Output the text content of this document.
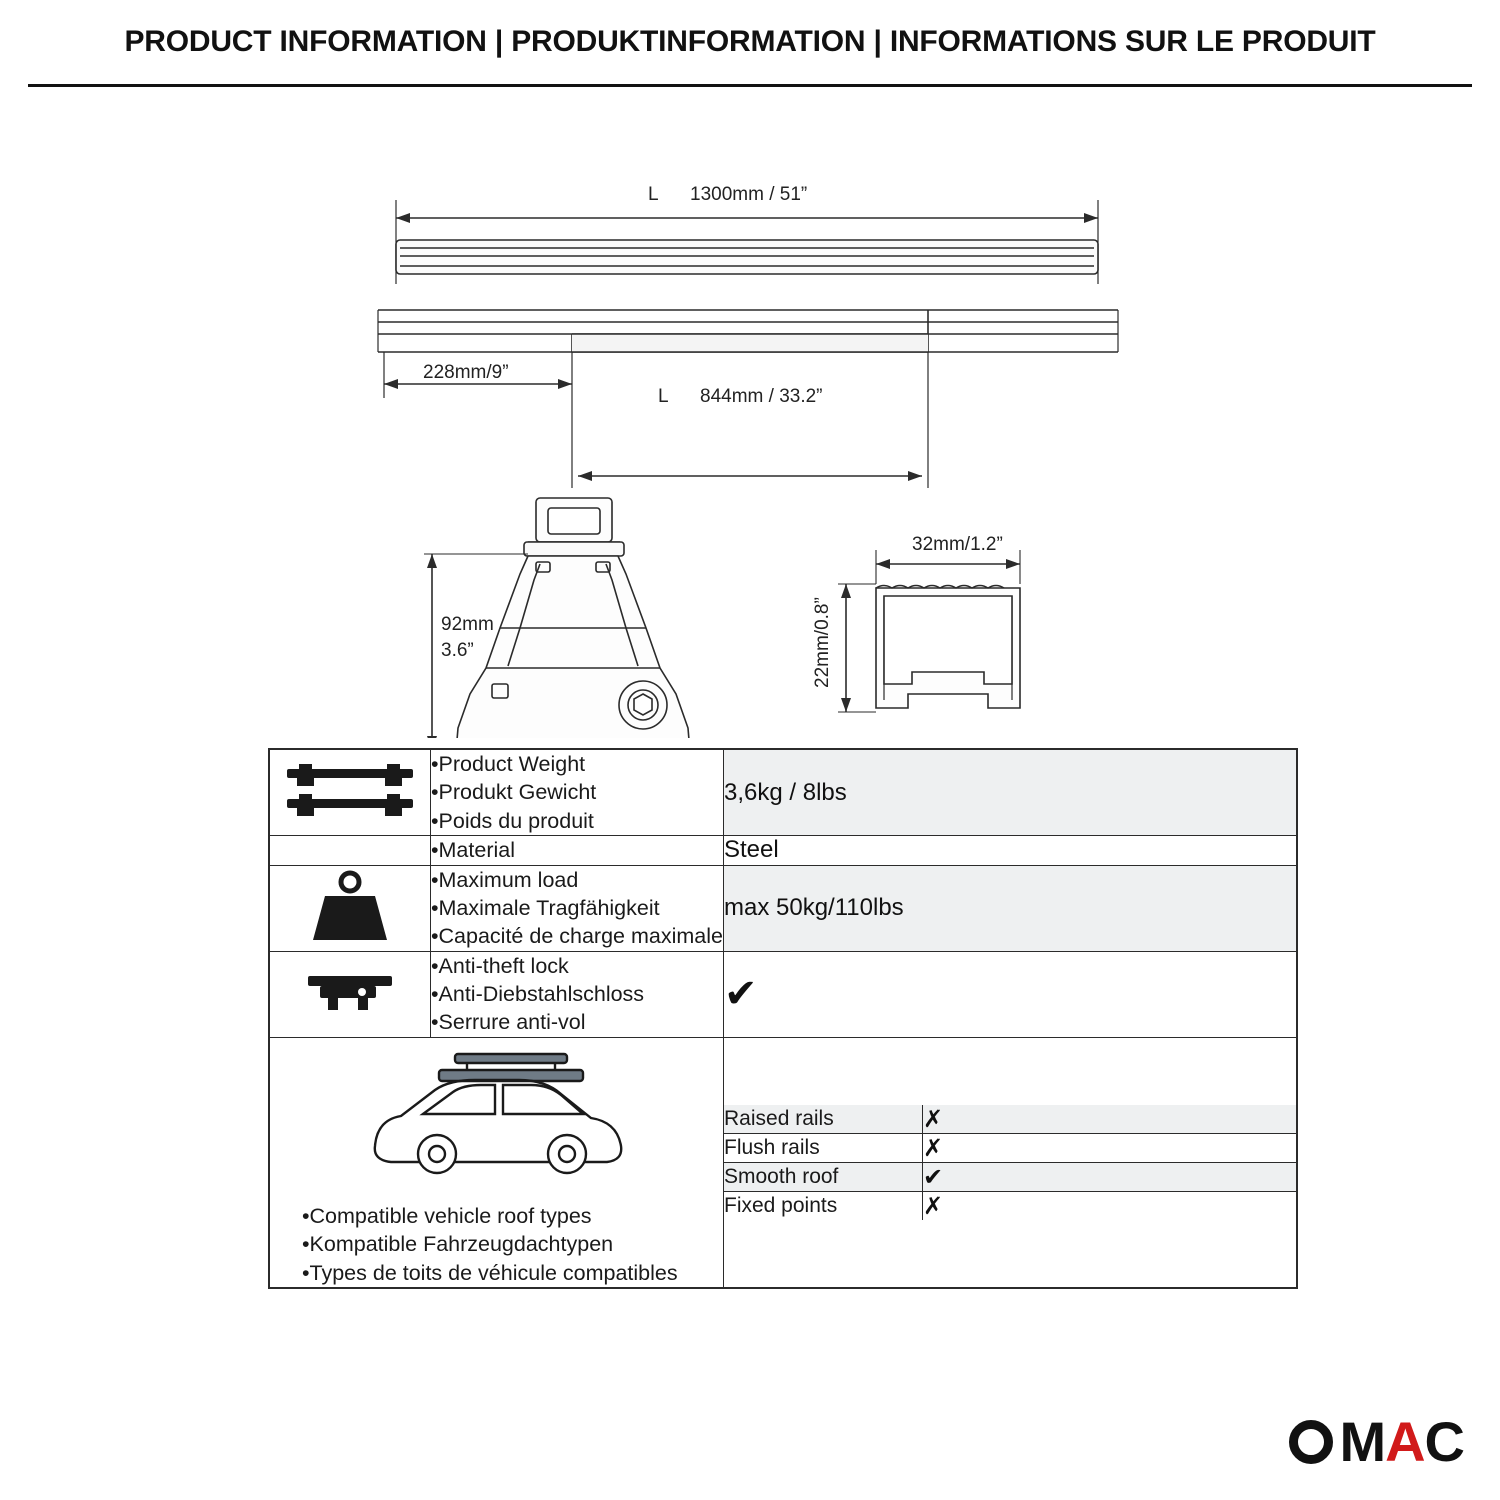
PRODUCT INFORMATION | PRODUKTINFORMATION | INFORMATIONS SUR LE PRODUIT
L 1300mm / 51”
228mm/9”
L 844mm / 33.2”
92mm
3.6”
32mm/1.2”
22mm/0.8”

•Product Weight
•Produkt Gewicht
•Poids du produit
	3,6kg / 8lbs

•Material	Steel

•Maximum load
•Maximale Tragfähigkeit
•Capacité de charge maximale
	max 50kg/110lbs

•Anti-theft lock
•Anti-Diebstahlschloss
•Serrure anti-vol
	✔

•Compatible vehicle roof types
•Kompatible Fahrzeugdachtypen
•Types de toits de véhicule compatibles

Raised rails	✗
Flush rails	✗
Smooth roof	✔
Fixed points	✗
M A C
